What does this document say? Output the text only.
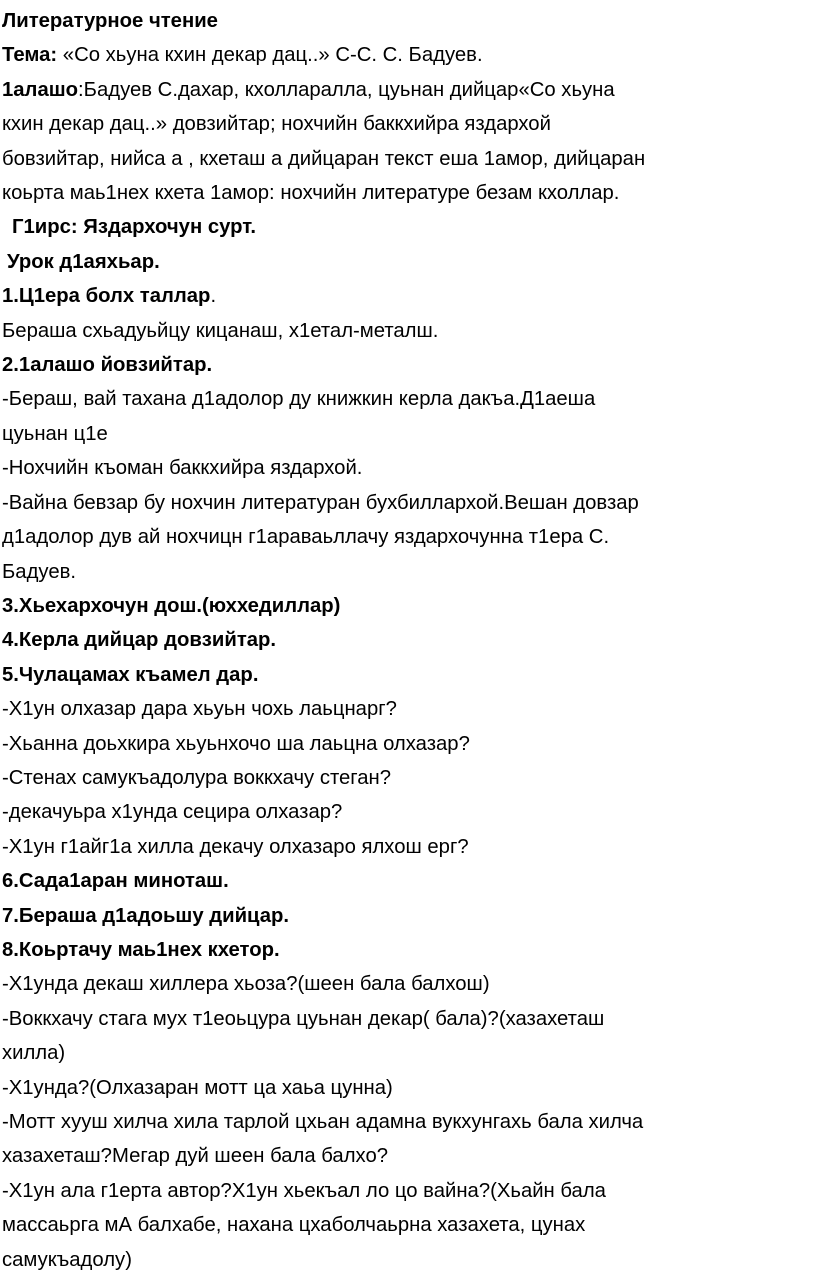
Литературное чтение
Тема: «Со хьуна кхин декар дац..» С-С. С. Бадуев.
1алашо:Бадуев С.дахар, кхолларалла, цуьнан дийцар«Со хьуна
кхин декар дац..» довзийтар; нохчийн баккхийра яздархой
бовзийтар, нийса а , кхеташ а дийцаран текст еша 1амор, дийцаран
коьрта маь1нех кхета 1амор: нохчийн литературе безам кхоллар.
Г1ирс: Яздархочун сурт.
Урок д1аяхьар.
1.Ц1ера болх таллар.
Бераша схьадуьйцу кицанаш, х1етал-металш.
2.1алашо йовзийтар.
-Бераш, вай тахана д1адолор ду книжкин керла дакъа.Д1аеша
цуьнан ц1е
-Нохчийн къоман баккхийра яздархой.
-Вайна бевзар бу нохчин литературан бухбиллархой.Вешан довзар
д1адолор дув ай нохчицн г1араваьллачу яздархочунна т1ера С.
Бадуев.
3.Хьехархочун дош.(юххедиллар)
4.Керла дийцар довзийтар.
5.Чулацамах къамел дар.
-Х1ун олхазар дара хьуьн чохь лаьцнарг?
-Хьанна доьхкира хьуьнхочо ша лаьцна олхазар?
-Стенах самукъадолура воккхачу стеган?
-декачуьра х1унда сецира олхазар?
-Х1ун г1айг1а хилла декачу олхазаро ялхош ерг?
6.Сада1аран миноташ.
7.Бераша д1адоьшу дийцар.
8.Коьртачу маь1нех кхетор.
-Х1унда декаш хиллера хьоза?(шеен бала балхош)
-Воккхачу стага мух т1еоьцура цуьнан декар( бала)?(хазахеташ
хилла)
-Х1унда?(Олхазаран мотт ца хаьа цунна)
-Мотт хууш хилча хила тарлой цхьан адамна вукхунгахь бала хилча
хазахеташ?Мегар дуй шеен бала балхо?
-Х1ун ала г1ерта автор?Х1ун хьекъал ло цо вайна?(Хьайн бала
массаьрга мА балхабе, нахана цхаболчаьрна хазахета, цунах
самукъадолу)
